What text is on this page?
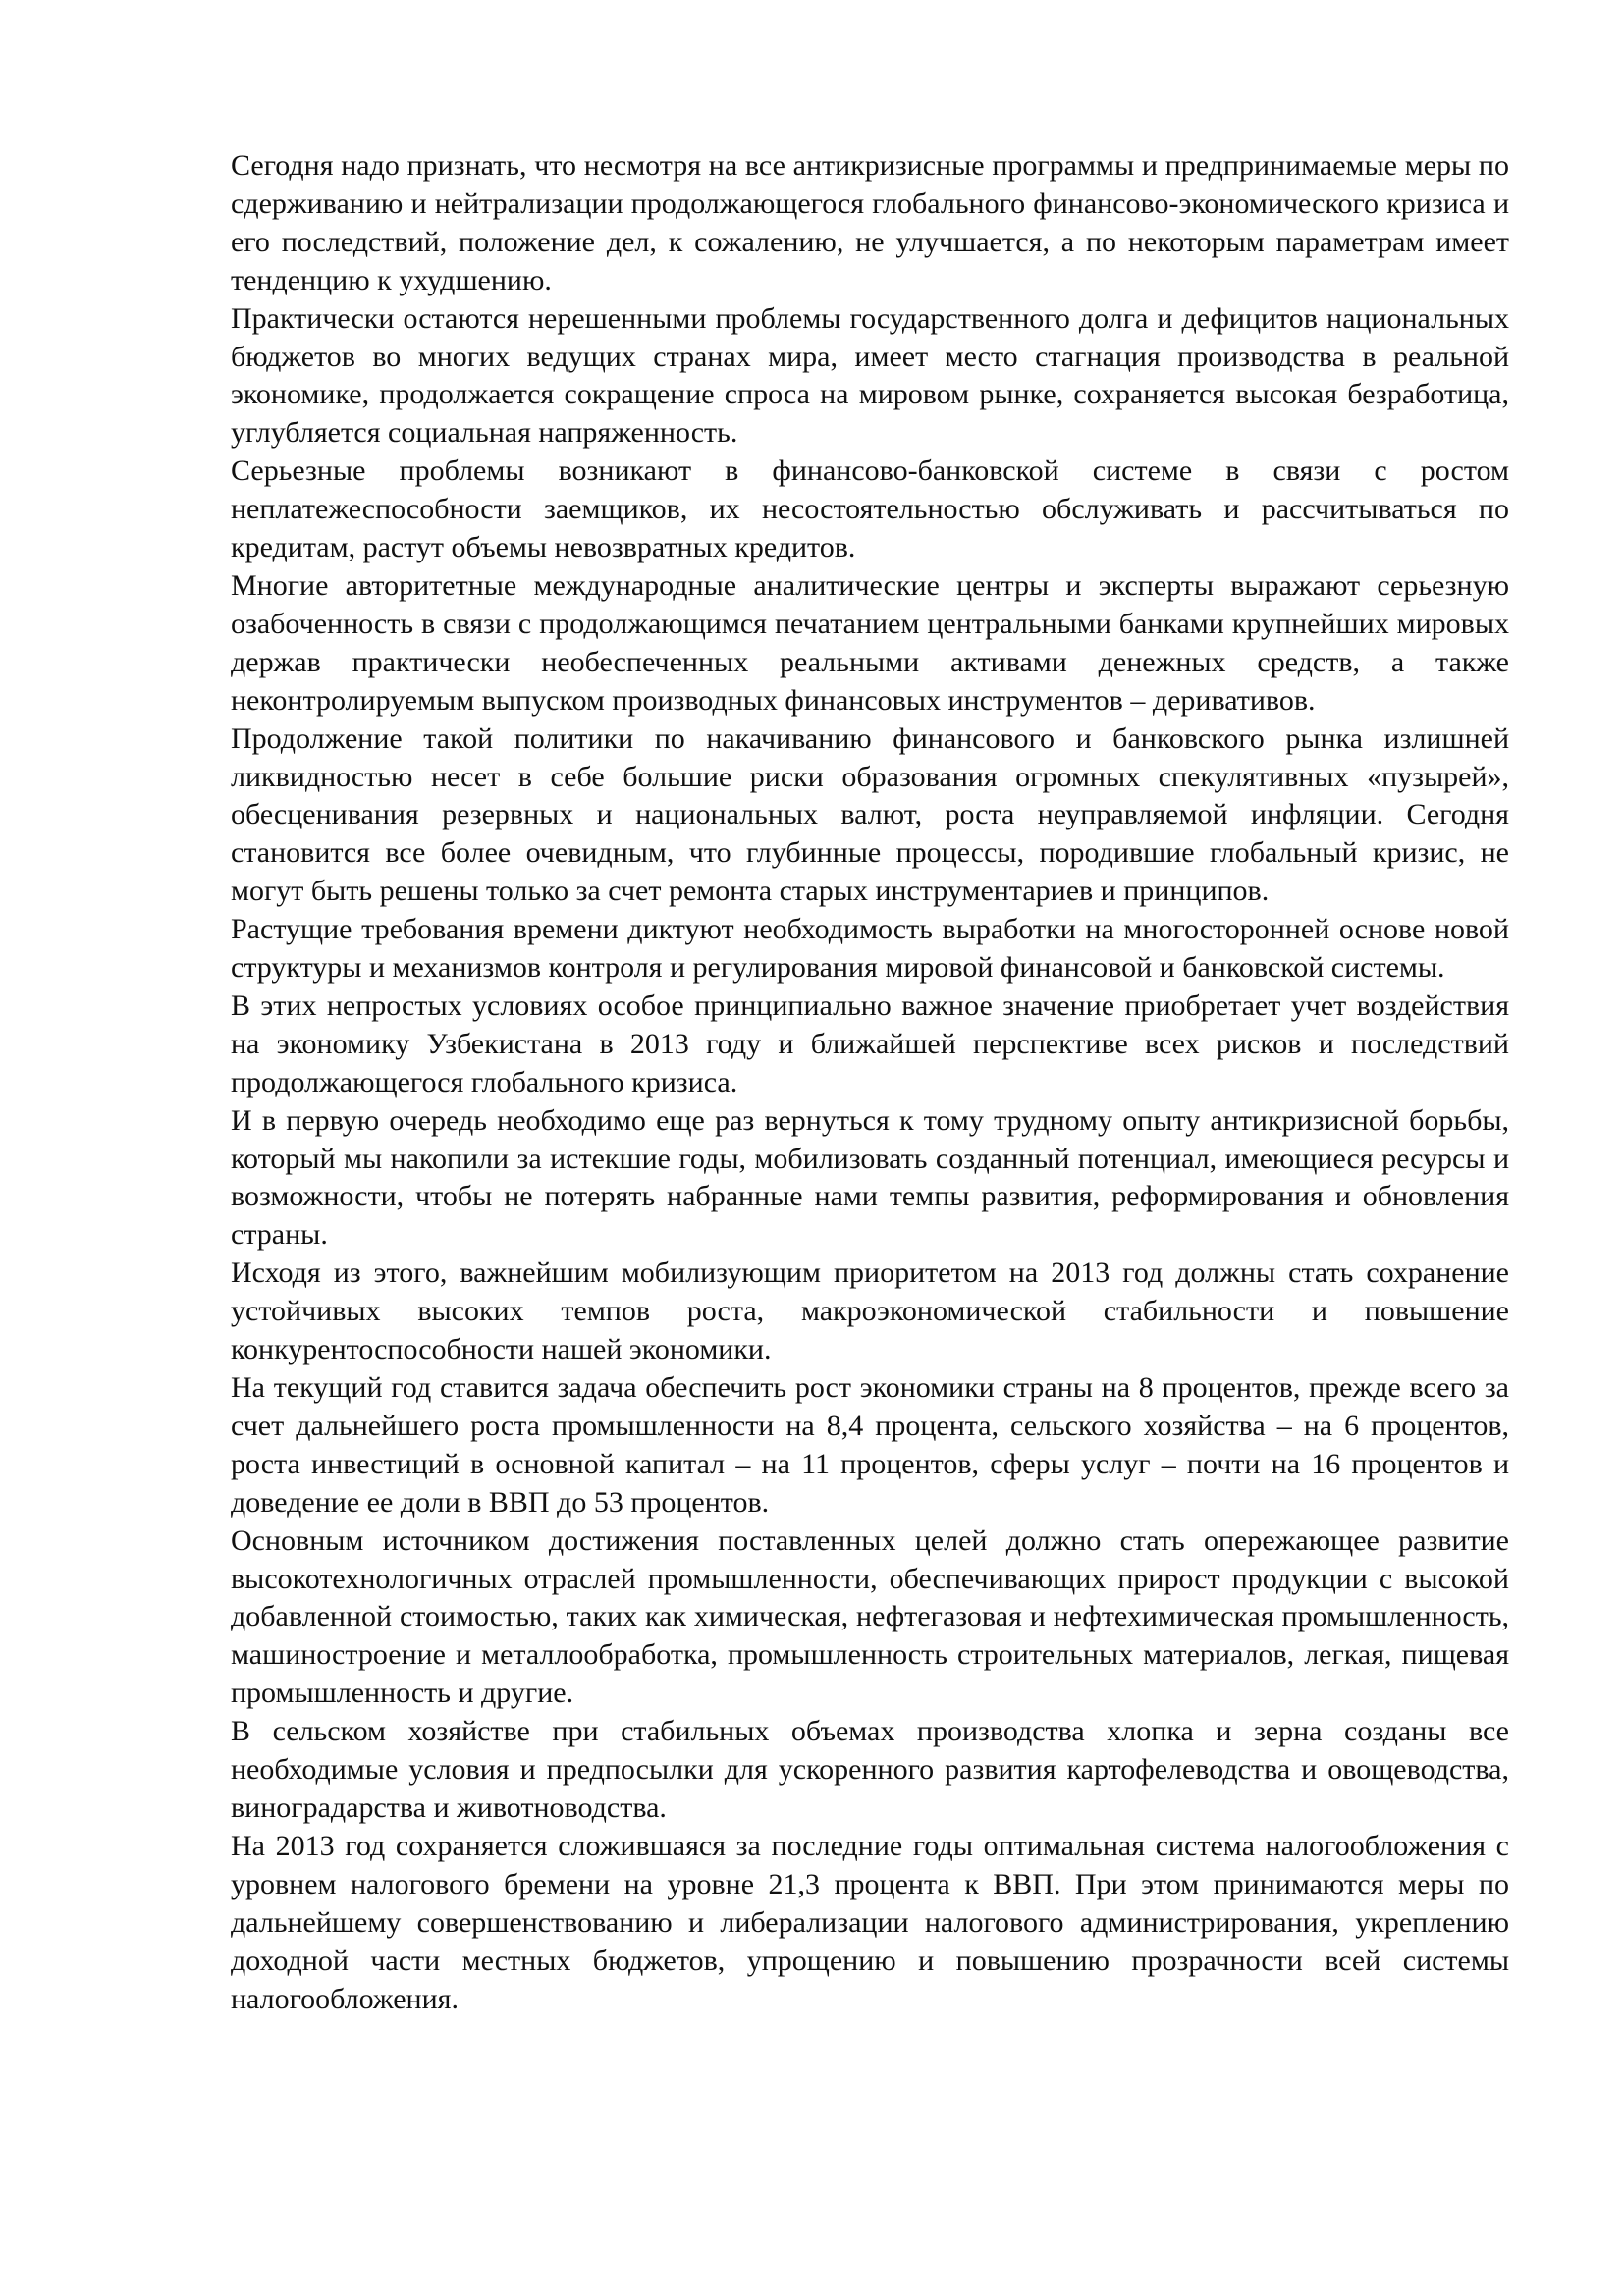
Сегодня надо признать, что несмотря на все антикризисные программы и предпринимаемые меры по сдерживанию и нейтрализации продолжающегося глобального финансово-экономического кризиса и его последствий, положение дел, к сожалению, не улучшается, а по некоторым параметрам имеет тенденцию к ухудшению.

Практически остаются нерешенными проблемы государственного долга и дефицитов национальных бюджетов во многих ведущих странах мира, имеет место стагнация производства в реальной экономике, продолжается сокращение спроса на мировом рынке, сохраняется высокая безработица, углубляется социальная напряженность.

Серьезные проблемы возникают в финансово-банковской системе в связи с ростом неплатежеспособности заемщиков, их несостоятельностью обслуживать и рассчитываться по кредитам, растут объемы невозвратных кредитов.

Многие авторитетные международные аналитические центры и эксперты выражают серьезную озабоченность в связи с продолжающимся печатанием центральными банками крупнейших мировых держав практически необеспеченных реальными активами денежных средств, а также неконтролируемым выпуском производных финансовых инструментов – деривативов.

Продолжение такой политики по накачиванию финансового и банковского рынка излишней ликвидностью несет в себе большие риски образования огромных спекулятивных «пузырей», обесценивания резервных и национальных валют, роста неуправляемой инфляции. Сегодня становится все более очевидным, что глубинные процессы, породившие глобальный кризис, не могут быть решены только за счет ремонта старых инструментариев и принципов.

Растущие требования времени диктуют необходимость выработки на многосторонней основе новой структуры и механизмов контроля и регулирования мировой финансовой и банковской системы.

В этих непростых условиях особое принципиально важное значение приобретает учет воздействия на экономику Узбекистана в 2013 году и ближайшей перспективе всех рисков и последствий продолжающегося глобального кризиса.

И в первую очередь необходимо еще раз вернуться к тому трудному опыту антикризисной борьбы, который мы накопили за истекшие годы, мобилизовать созданный потенциал, имеющиеся ресурсы и возможности, чтобы не потерять набранные нами темпы развития, реформирования и обновления страны.

Исходя из этого, важнейшим мобилизующим приоритетом на 2013 год должны стать сохранение устойчивых высоких темпов роста, макроэкономической стабильности и повышение конкурентоспособности нашей экономики.

На текущий год ставится задача обеспечить рост экономики страны на 8 процентов, прежде всего за счет дальнейшего роста промышленности на 8,4 процента, сельского хозяйства – на 6 процентов, роста инвестиций в основной капитал – на 11 процентов, сферы услуг – почти на 16 процентов и доведение ее доли в ВВП до 53 процентов.

Основным источником достижения поставленных целей должно стать опережающее развитие высокотехнологичных отраслей промышленности, обеспечивающих прирост продукции с высокой добавленной стоимостью, таких как химическая, нефтегазовая и нефтехимическая промышленность, машиностроение и металлообработка, промышленность строительных материалов, легкая, пищевая промышленность и другие.

В сельском хозяйстве при стабильных объемах производства хлопка и зерна созданы все необходимые условия и предпосылки для ускоренного развития картофелеводства и овощеводства, виноградарства и животноводства.

На 2013 год сохраняется сложившаяся за последние годы оптимальная система налогообложения с уровнем налогового бремени на уровне 21,3 процента к ВВП. При этом принимаются меры по дальнейшему совершенствованию и либерализации налогового администрирования, укреплению доходной части местных бюджетов, упрощению и повышению прозрачности всей системы налогообложения.
